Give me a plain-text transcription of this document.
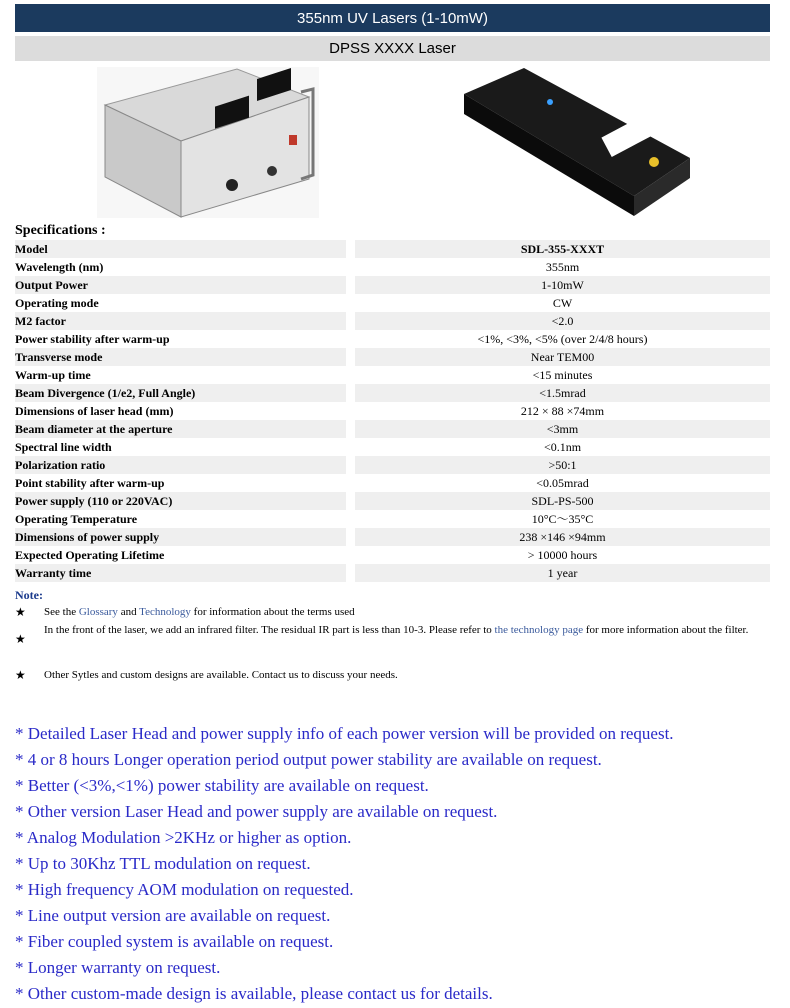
355nm UV Lasers (1-10mW)
DPSS XXXX Laser
Specifications :
Model	SDL-355-XXXT
Wavelength (nm)	355nm
Output Power	1-10mW
Operating mode	CW
M2 factor	<2.0
Power stability after warm-up	<1%, <3%, <5% (over 2/4/8 hours)
Transverse mode	Near TEM00
Warm-up time	<15 minutes
Beam Divergence (1/e2, Full Angle)	<1.5mrad
Dimensions of laser head (mm)	212 × 88 ×74mm
Beam diameter at the aperture	<3mm
Spectral line width	<0.1nm
Polarization ratio	>50:1
Point stability after warm-up	<0.05mrad
Power supply (110 or 220VAC)	SDL-PS-500
Operating Temperature	10°C～35°C
Dimensions of power supply	238 ×146 ×94mm
Expected Operating Lifetime	> 10000 hours
Warranty time	1 year
Note:
★	See the Glossary and Technology for information about the terms used
★
In the front of the laser, we add an infrared filter. The residual IR part is less than 10-3. Please refer to the technology page for more information about the filter.
★	Other Sytles and custom designs are available. Contact us to discuss your needs.
* Detailed Laser Head and power supply info of each power version will be provided on request.
* 4 or 8 hours Longer operation period output power stability are available on request.
* Better (<3%,<1%) power stability are available on request.
* Other version Laser Head and power supply are available on request.
* Analog Modulation >2KHz or higher as option.
* Up to 30Khz TTL modulation on request.
* High frequency AOM modulation on requested.
* Line output version are available on request.
* Fiber coupled system is available on request.
* Longer warranty on request.
* Other custom-made design is available, please contact us for details.
